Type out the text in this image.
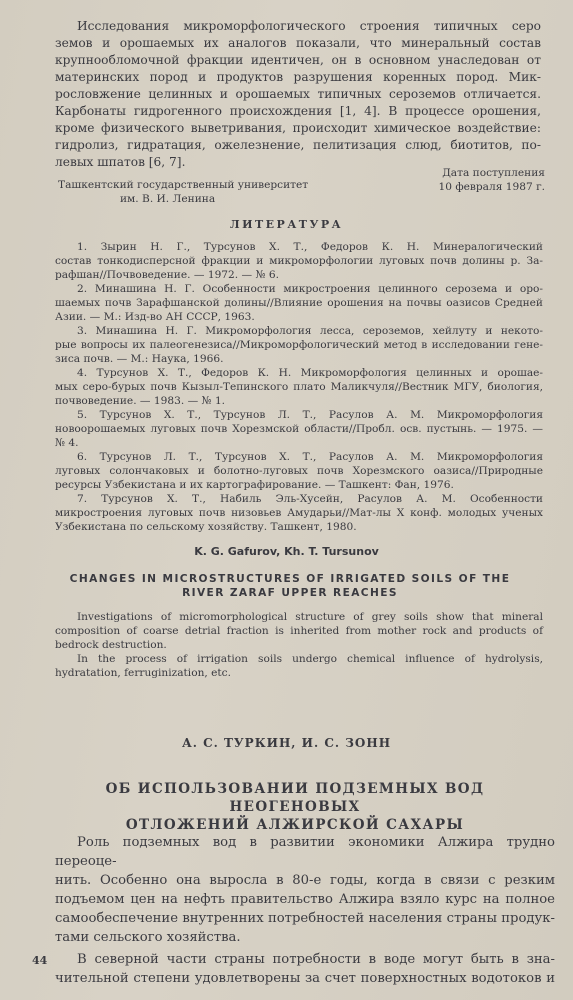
Исследования микроморфологического строения типичных серо

земов и орошаемых их аналогов показали, что минеральный состав

крупнообломочной фракции идентичен, он в основном унаследован от

материнских пород и продуктов разрушения коренных пород. Мик-

рословжение целинных и орошаемых типичных сероземов отличается.

Карбонаты гидрогенного происхождения [1, 4]. В процессе орошения,

кроме физического выветривания, происходит химическое воздействие:

гидролиз, гидратация, ожелезнение, пелитизация слюд, биотитов, по-

левых шпатов [6, 7].

Ташкентский государственный университет

им. В. И. Ленина

Дата поступления

10 февраля 1987 г.

ЛИТЕРАТУРА

1. Зырин Н. Г., Турсунов Х. Т., Федоров К. Н. Минералогический

состав тонкодисперсной фракции и микроморфологии луговых почв долины р. За-

рафшан//Почвоведение. — 1972. — № 6.

2. Минашина Н. Г. Особенности микростроения целинного серозема и оро-

шаемых почв Зарафшанской долины//Влияние орошения на почвы оазисов Средней

Азии. — М.: Изд-во АН СССР, 1963.

3. Минашина Н. Г. Микроморфология лесса, сероземов, хейлуту и некото-

рые вопросы их палеогенезиса//Микроморфологический метод в исследовании гене-

зиса почв. — М.: Наука, 1966.

4. Турсунов Х. Т., Федоров К. Н. Микроморфология целинных и орошае-

мых серо-бурых почв Кызыл-Тепинского плато Маликчуля//Вестник МГУ, биология,

почвоведение. — 1983. — № 1.

5. Турсунов Х. Т., Турсунов Л. Т., Расулов А. М. Микроморфология

новоорошаемых луговых почв Хорезмской области//Пробл. осв. пустынь. — 1975. —

№ 4.

6. Турсунов Л. Т., Турсунов Х. Т., Расулов А. М. Микроморфология

луговых солончаковых и болотно-луговых почв Хорезмского оазиса//Природные

ресурсы Узбекистана и их картографирование. — Ташкент: Фан, 1976.

7. Турсунов Х. Т., Набиль Эль-Хусейн, Расулов А. М. Особенности

микростроения луговых почв низовьев Амударьи//Мат-лы Х конф. молодых ученых

Узбекистана по сельскому хозяйству. Ташкент, 1980.

K. G. Gafurov, Kh. T. Tursunov

CHANGES IN MICROSTRUCTURES OF IRRIGATED SOILS OF THE

RIVER ZARAF UPPER REACHES

Investigations of micromorphological structure of grey soils show that mineral

composition of coarse detrial fraction is inherited from mother rock and products of

bedrock destruction.

In the process of irrigation soils undergo chemical influence of hydrolysis,

hydratation, ferruginization, etc.

А. С. ТУРКИН, И. С. ЗОНН

ОБ ИСПОЛЬЗОВАНИИ ПОДЗЕМНЫХ ВОД НЕОГЕНОВЫХ

ОТЛОЖЕНИЙ АЛЖИРСКОЙ САХАРЫ

Роль подземных вод в развитии экономики Алжира трудно переоце-

нить. Особенно она выросла в 80-е годы, когда в связи с резким

подъемом цен на нефть правительство Алжира взяло курс на полное

самообеспечение внутренних потребностей населения страны продук-

тами сельского хозяйства.

В северной части страны потребности в воде могут быть в зна-

чительной степени удовлетворены за счет поверхностных водотоков и

44
